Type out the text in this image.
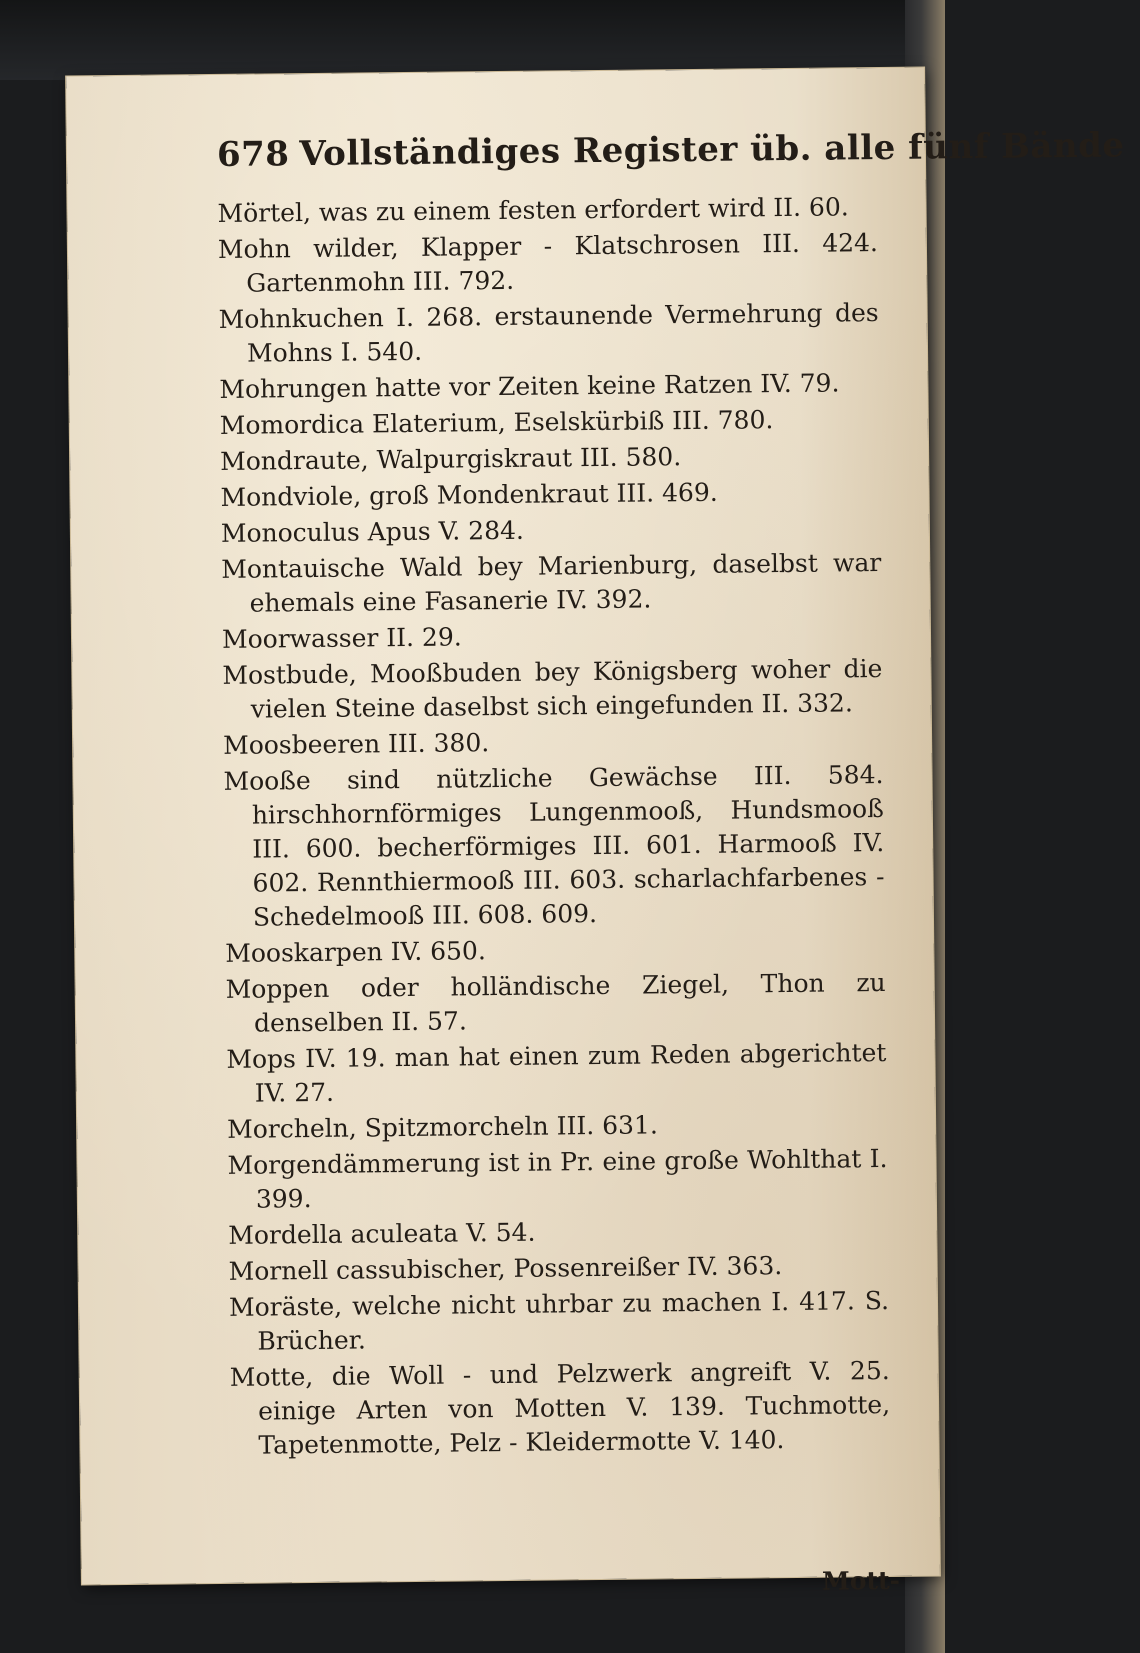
678 Vollständiges Register üb. alle fünf Bände
Mörtel, was zu einem festen erfordert wird II. 60.
Mohn wilder, Klapper - Klatschrosen III. 424. Gartenmohn III. 792.
Mohnkuchen I. 268. erstaunende Vermehrung des Mohns I. 540.
Mohrungen hatte vor Zeiten keine Ratzen IV. 79.
Momordica Elaterium, Eselskürbiß III. 780.
Mondraute, Walpurgiskraut III. 580.
Mondviole, groß Mondenkraut III. 469.
Monoculus Apus V. 284.
Montauische Wald bey Marienburg, daselbst war ehemals eine Fasanerie IV. 392.
Moorwasser II. 29.
Mostbude, Mooßbuden bey Königsberg woher die vielen Steine daselbst sich eingefunden II. 332.
Moosbeeren III. 380.
Mooße sind nützliche Gewächse III. 584. hirschhornförmiges Lungenmooß, Hundsmooß III. 600. becherförmiges III. 601. Harmooß IV. 602. Rennthiermooß III. 603. scharlachfarbenes - Schedelmooß III. 608. 609.
Mooskarpen IV. 650.
Moppen oder holländische Ziegel, Thon zu denselben II. 57.
Mops IV. 19. man hat einen zum Reden abgerichtet IV. 27.
Morcheln, Spitzmorcheln III. 631.
Morgendämmerung ist in Pr. eine große Wohlthat I. 399.
Mordella aculeata V. 54.
Mornell cassubischer, Possenreißer IV. 363.
Moräste, welche nicht uhrbar zu machen I. 417. S. Brücher.
Motte, die Woll - und Pelzwerk angreift V. 25. einige Arten von Motten V. 139. Tuchmotte, Tapetenmotte, Pelz - Kleidermotte V. 140.
Mott-
